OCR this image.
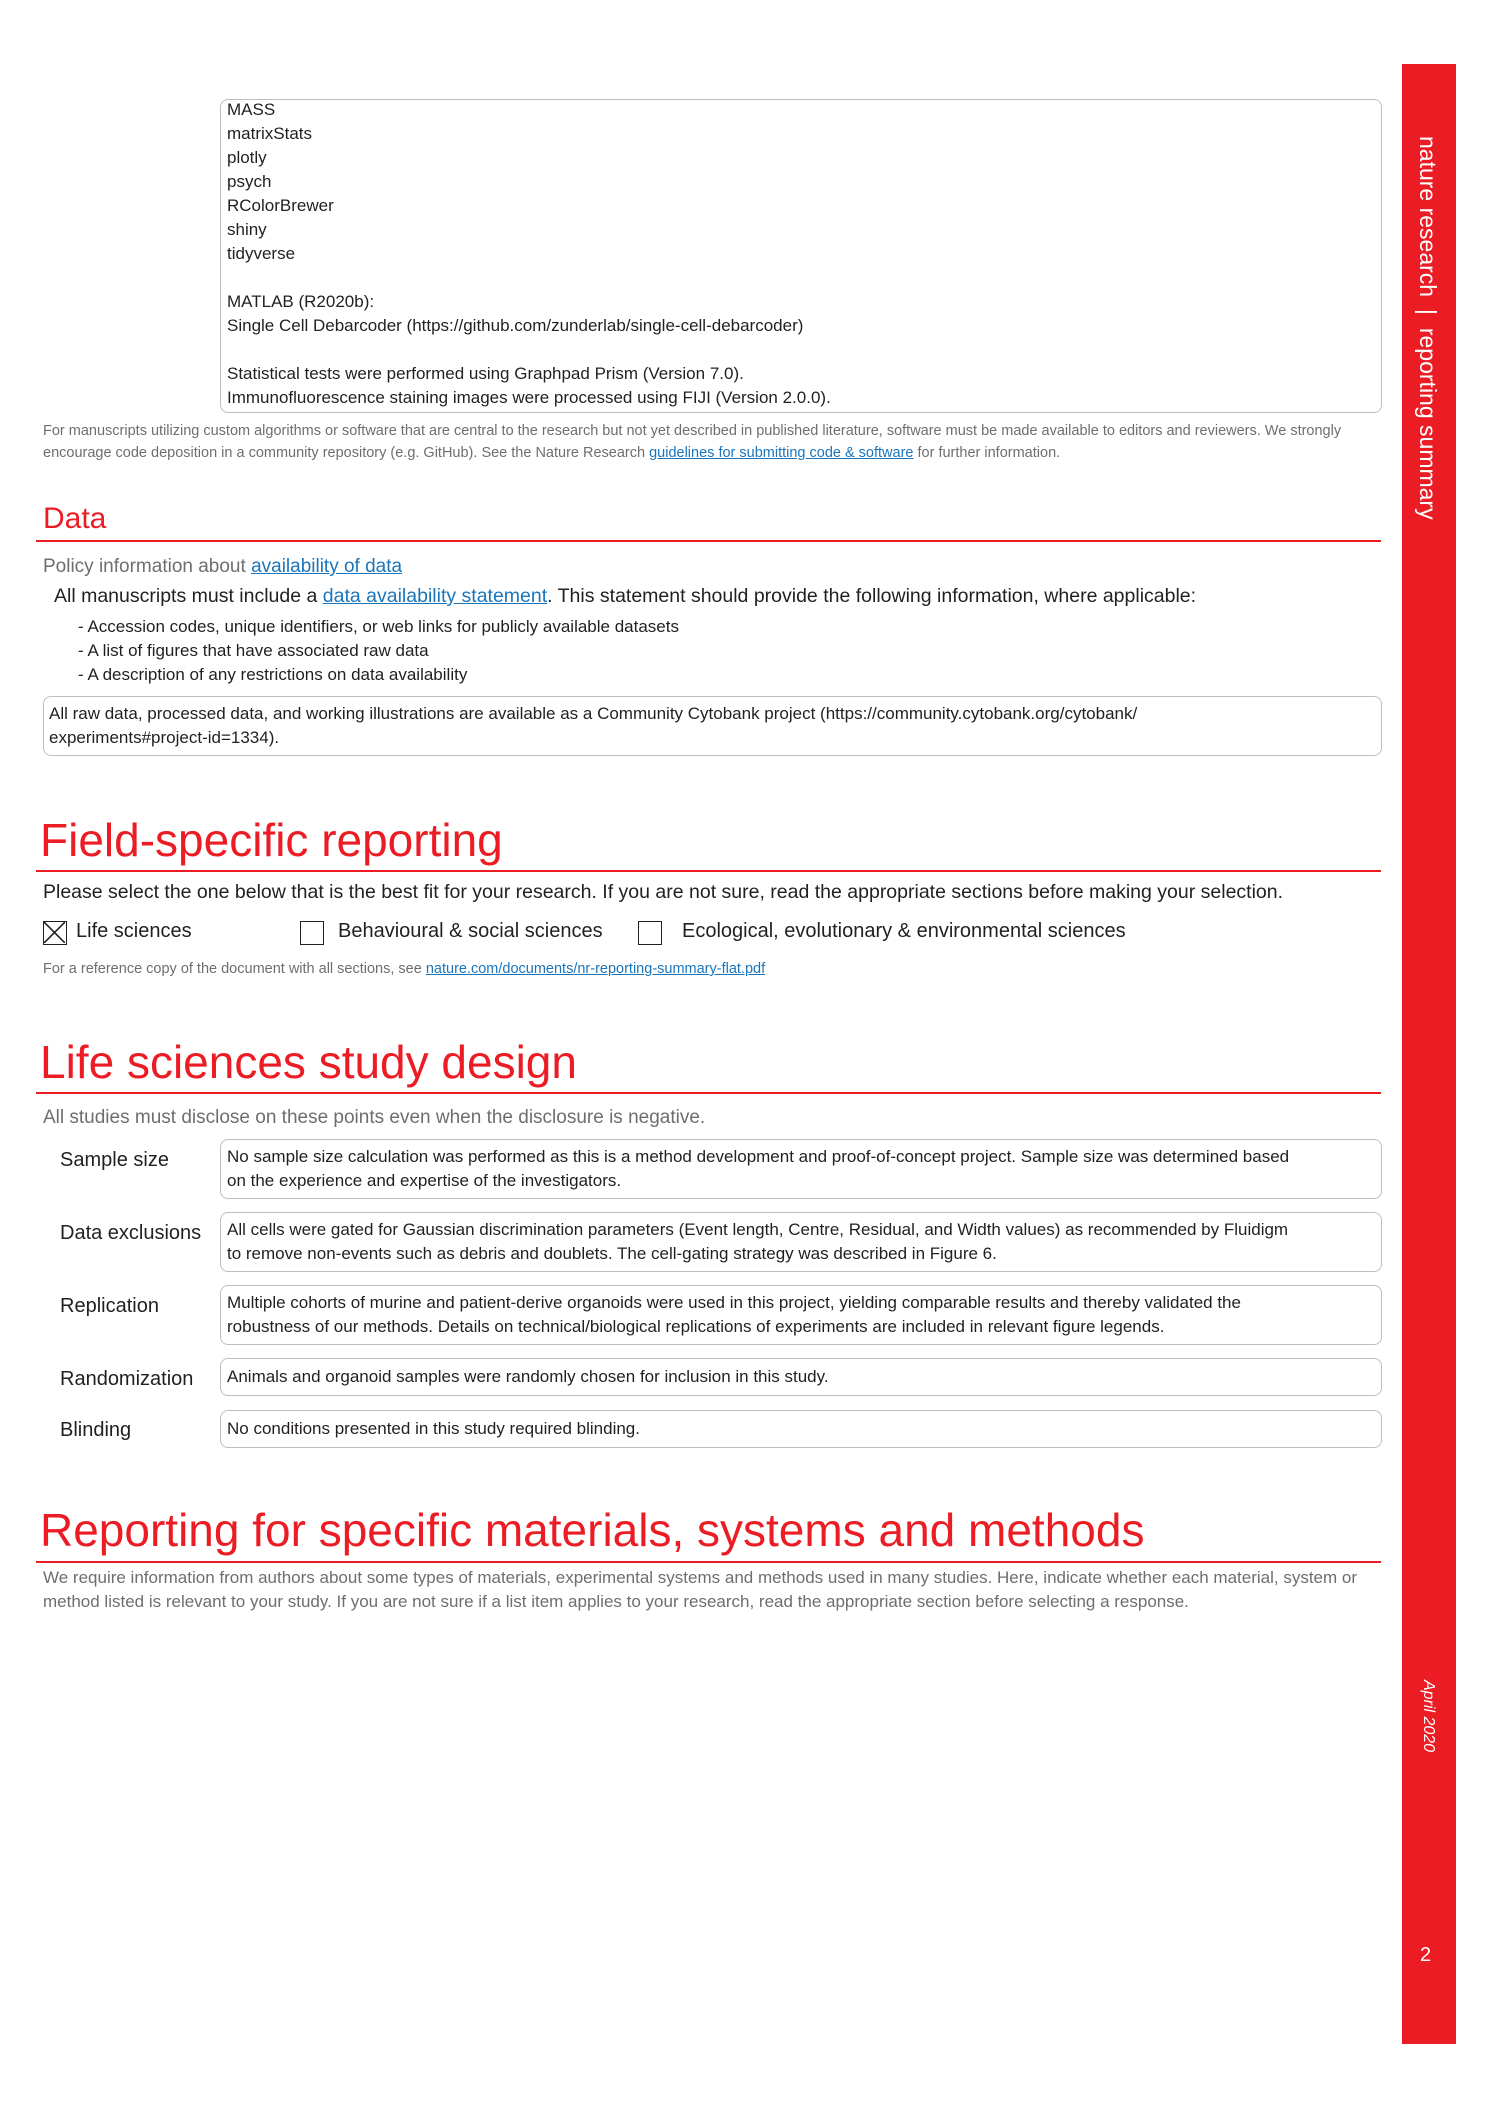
MASS
matrixStats
plotly
psych
RColorBrewer
shiny
tidyverse

MATLAB (R2020b):
Single Cell Debarcoder (https://github.com/zunderlab/single-cell-debarcoder)

Statistical tests were performed using Graphpad Prism (Version 7.0).
Immunofluorescence staining images were processed using FIJI (Version 2.0.0).
For manuscripts utilizing custom algorithms or software that are central to the research but not yet described in published literature, software must be made available to editors and reviewers. We strongly encourage code deposition in a community repository (e.g. GitHub). See the Nature Research guidelines for submitting code & software for further information.
Data
Policy information about availability of data
All manuscripts must include a data availability statement. This statement should provide the following information, where applicable:
- Accession codes, unique identifiers, or web links for publicly available datasets
- A list of figures that have associated raw data
- A description of any restrictions on data availability
All raw data, processed data, and working illustrations are available as a Community Cytobank project (https://community.cytobank.org/cytobank/
experiments#project-id=1334).
Field-specific reporting
Please select the one below that is the best fit for your research. If you are not sure, read the appropriate sections before making your selection.
Life sciences	Behavioural & social sciences	Ecological, evolutionary & environmental sciences
For a reference copy of the document with all sections, see nature.com/documents/nr-reporting-summary-flat.pdf
Life sciences study design
All studies must disclose on these points even when the disclosure is negative.
Sample size	No sample size calculation was performed as this is a method development and proof-of-concept project. Sample size was determined based
on the experience and expertise of the investigators.
Data exclusions All cells were gated for Gaussian discrimination parameters (Event length, Centre, Residual, and Width values) as recommended by Fluidigm
to remove non-events such as debris and doublets. The cell-gating strategy was described in Figure 6.
Replication	Multiple cohorts of murine and patient-derive organoids were used in this project, yielding comparable results and thereby validated the
robustness of our methods. Details on technical/biological replications of experiments are included in relevant figure legends.
Randomization Animals and organoid samples were randomly chosen for inclusion in this study.
Blinding	No conditions presented in this study required blinding.
Reporting for specific materials, systems and methods
We require information from authors about some types of materials, experimental systems and methods used in many studies. Here, indicate whether each material, system or method listed is relevant to your study. If you are not sure if a list item applies to your research, read the appropriate section before selecting a response.
nature research | reporting summary
April 2020
2
